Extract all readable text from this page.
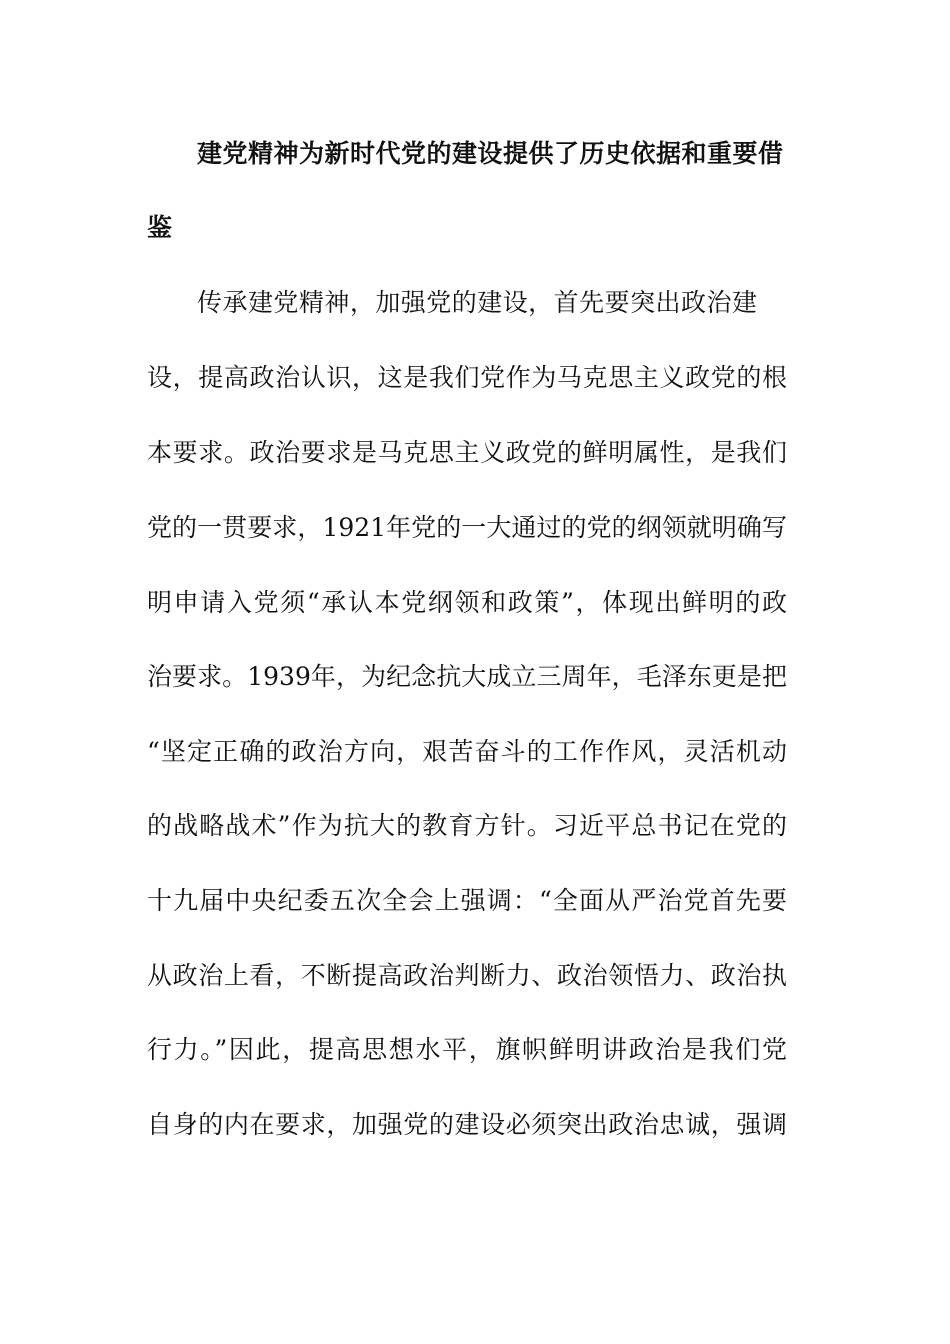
建党精神为新时代党的建设提供了历史依据和重要借
鉴
传承建党精神，加强党的建设，首先要突出政治建
设，提高政治认识，这是我们党作为马克思主义政党的根
本要求。政治要求是马克思主义政党的鲜明属性，是我们
党的一贯要求，1921年党的一大通过的党的纲领就明确写
明申请入党须“承认本党纲领和政策”，体现出鲜明的政
治要求。1939年，为纪念抗大成立三周年，毛泽东更是把
“坚定正确的政治方向，艰苦奋斗的工作作风，灵活机动
的战略战术”作为抗大的教育方针。习近平总书记在党的
十九届中央纪委五次全会上强调：“全面从严治党首先要
从政治上看，不断提高政治判断力、政治领悟力、政治执
行力。”因此，提高思想水平，旗帜鲜明讲政治是我们党
自身的内在要求，加强党的建设必须突出政治忠诚，强调
